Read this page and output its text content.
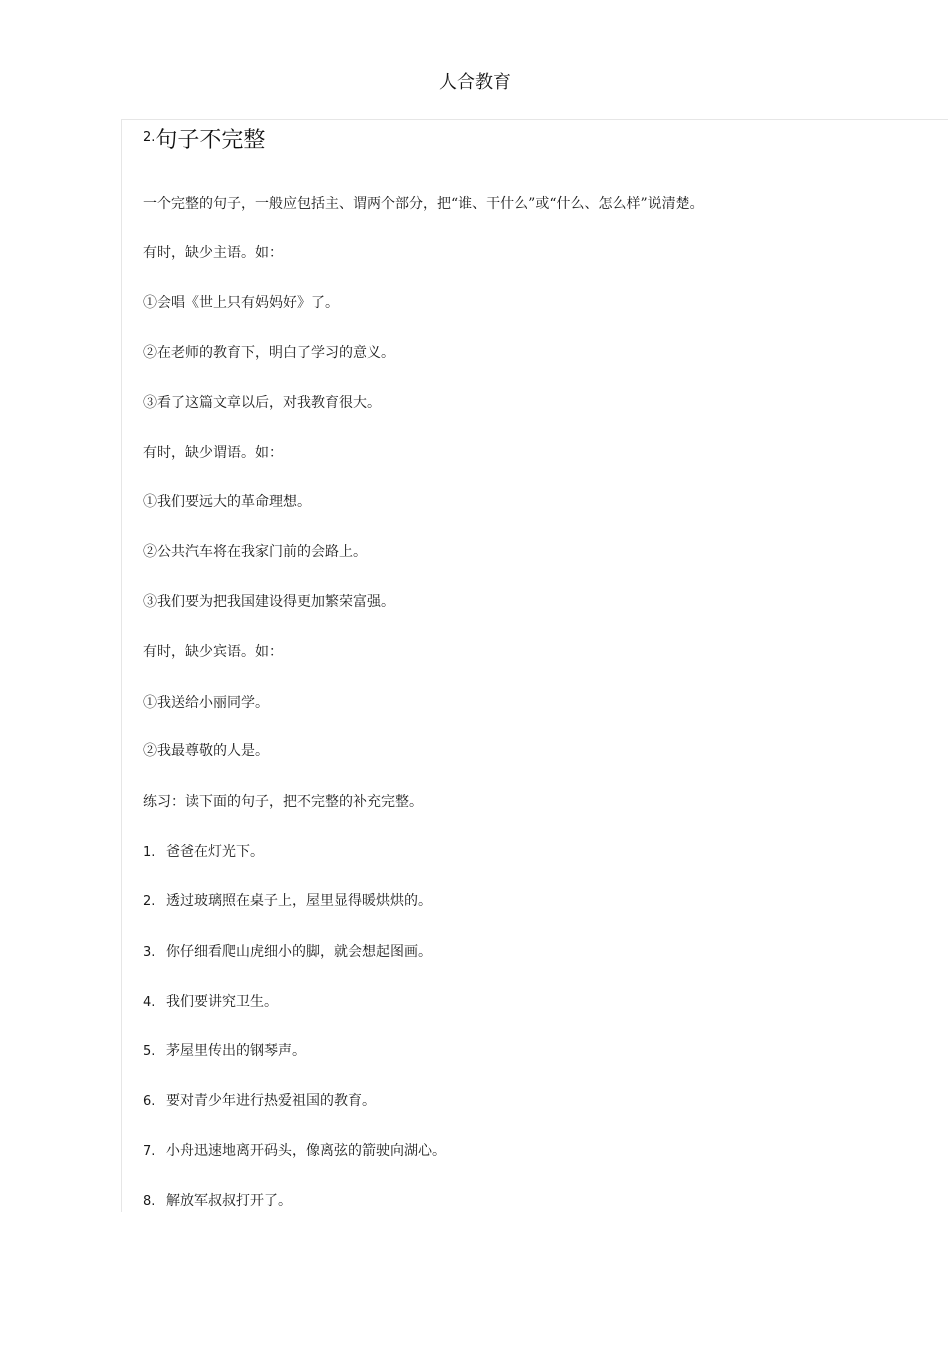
人合教育
$^{2.}$句子不完整
一个完整的句子，一般应包括主、谓两个部分，把“谁、干什么”或“什么、怎么样”说清楚。
有时，缺少主语。如：
①会唱《世上只有妈妈好》了。
②在老师的教育下，明白了学习的意义。
③看了这篇文章以后，对我教育很大。
有时，缺少谓语。如：
①我们要远大的革命理想。
②公共汽车将在我家门前的会路上。
③我们要为把我国建设得更加繁荣富强。
有时，缺少宾语。如：
①我送给小丽同学。
②我最尊敬的人是。
练习：读下面的句子，把不完整的补充完整。
1. 爸爸在灯光下。
2. 透过玻璃照在桌子上，屋里显得暖烘烘的。
3. 你仔细看爬山虎细小的脚，就会想起图画。
4. 我们要讲究卫生。
5. 茅屋里传出的钢琴声。
6. 要对青少年进行热爱祖国的教育。
7. 小舟迅速地离开码头，像离弦的箭驶向湖心。
8. 解放军叔叔打开了。
